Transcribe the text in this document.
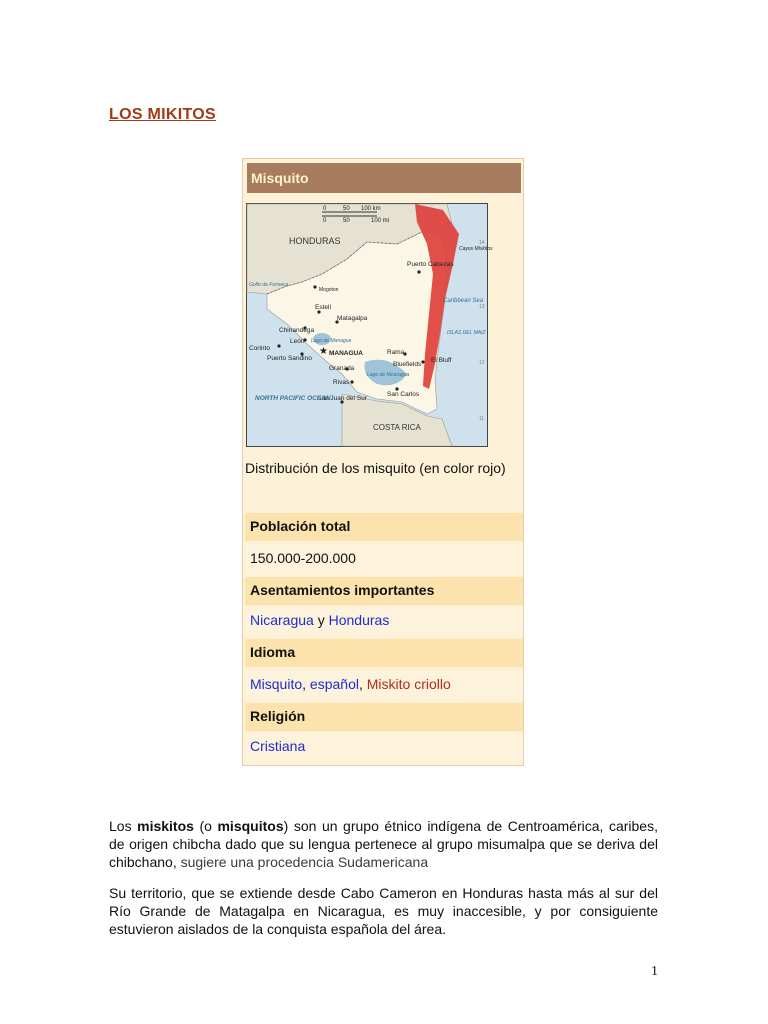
LOS MIKITOS
Misquito
★
0	50 100 km
0	50	100 mi
HONDURAS
COSTA RICA
Puerto Cabezas
Cayos Miskitos
Caribbean Sea
Golfo de Fonseca
Mogoton
Estelí
Matagalpa
Chinandega
León Lago de Managua
Corinto
Puerto Sandino
MANAGUA	Rama
Bluefields
ISLAS DEL MAIZ
El Bluff
Granada
Lago de Nicaragua
Rivas
San Juan del Sur
San Carlos
NORTH PACIFIC OCEAN
14
13
12
11
Distribución de los misquito (en color rojo)
Población total
150.000-200.000
Asentamientos importantes
Nicaragua y Honduras
Idioma
Misquito, español, Miskito criollo
Religión
Cristiana
Los miskitos (o misquitos) son un grupo étnico indígena de Centroamérica, caribes, de origen chibcha dado que su lengua pertenece al grupo misumalpa que se deriva del chibchano, sugiere una procedencia Sudamericana
Su territorio, que se extiende desde Cabo Cameron en Honduras hasta más al sur del Río Grande de Matagalpa en Nicaragua, es muy inaccesible, y por consiguiente estuvieron aislados de la conquista española del área.
1
